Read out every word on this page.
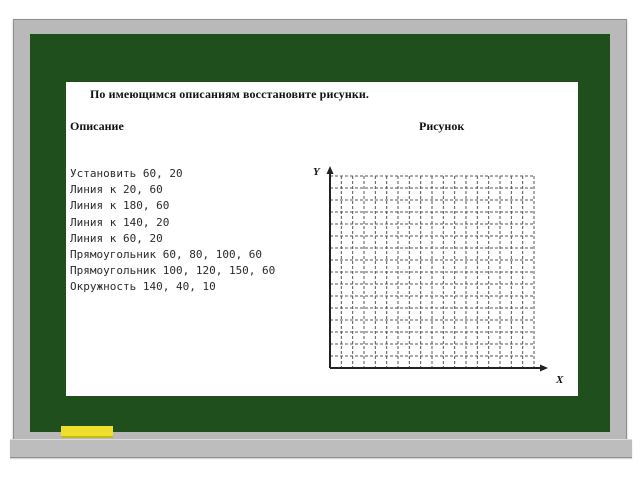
По имеющимся описаниям восстановите рисунки.
Описание	Рисунок
Установить 60, 20
Линия к 20, 60
Линия к 180, 60
Линия к 140, 20
Линия к 60, 20
Прямоугольник 60, 80, 100, 60
Прямоугольник 100, 120, 150, 60
Окружность 140, 40, 10
Y
X
